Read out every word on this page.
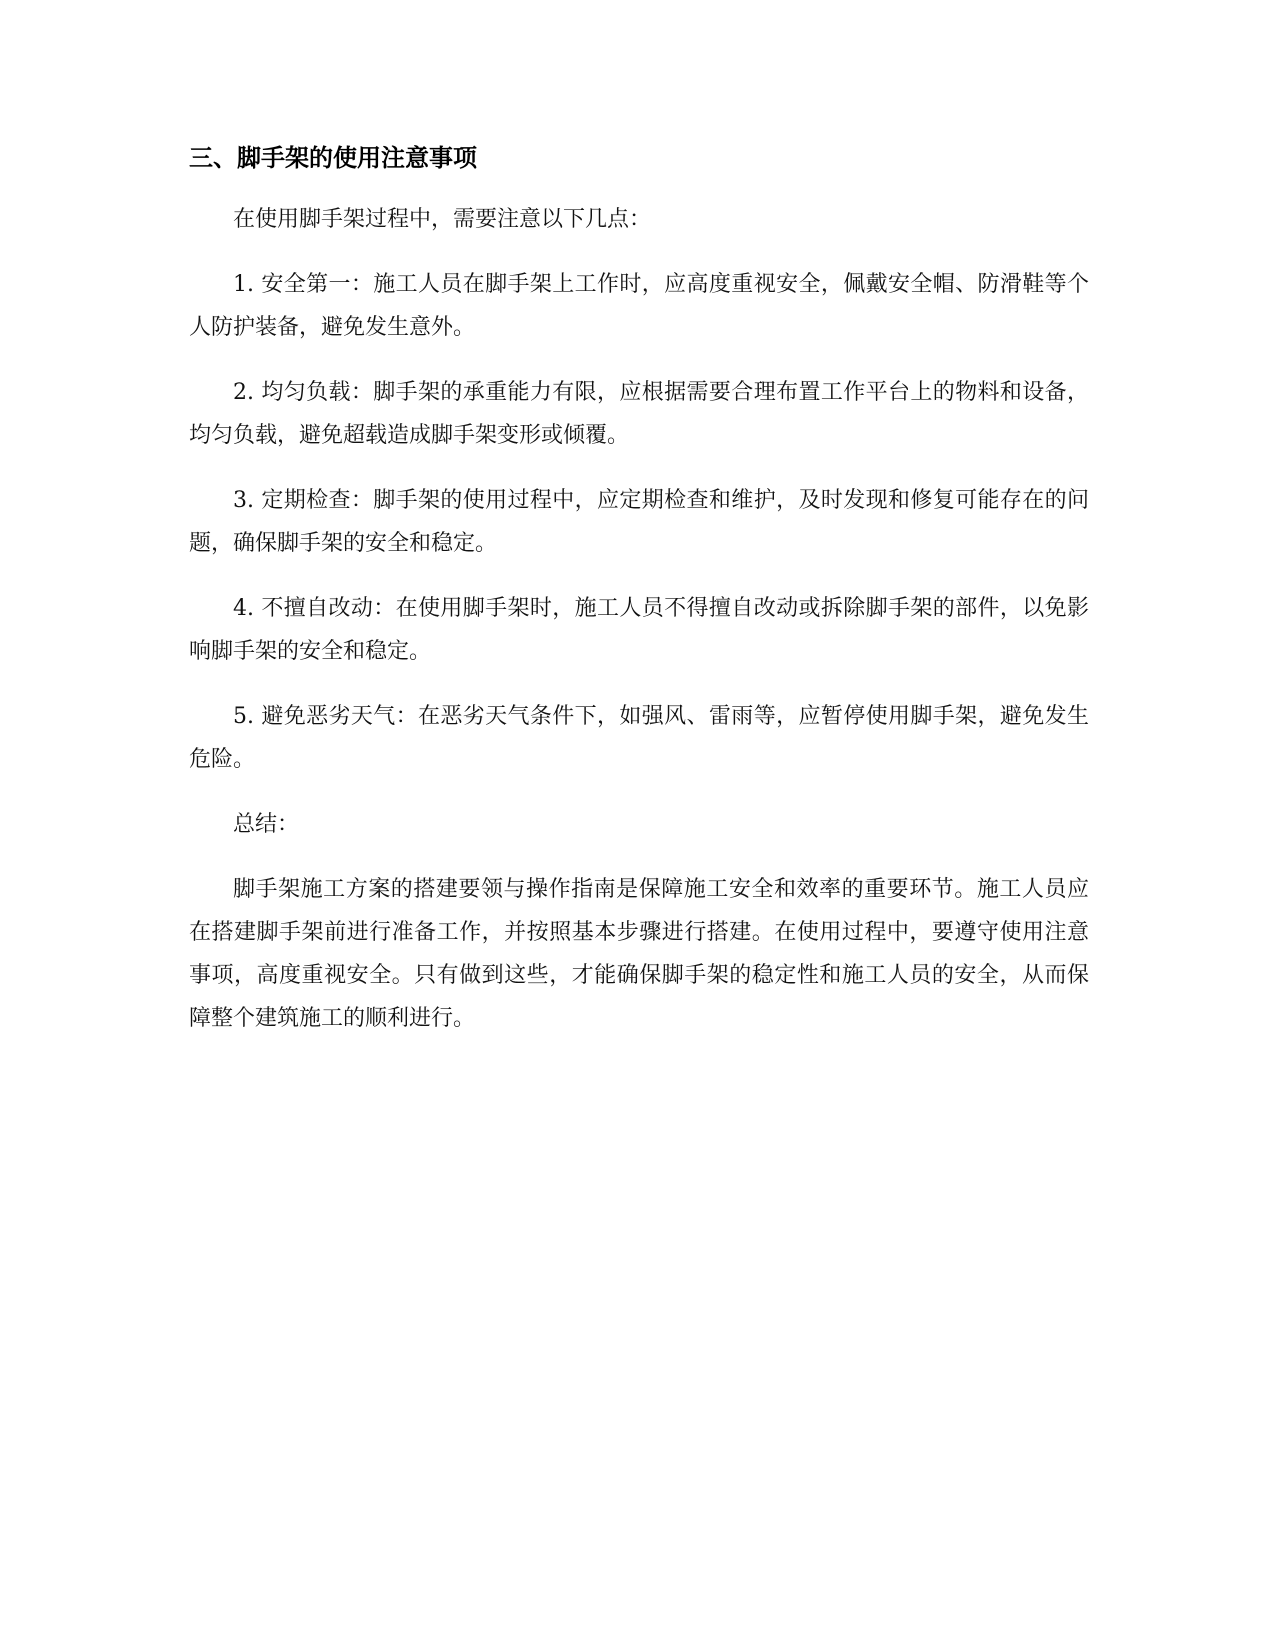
三、脚手架的使用注意事项

在使用脚手架过程中，需要注意以下几点：

1. 安全第一：施工人员在脚手架上工作时，应高度重视安全，佩戴安全帽、防滑鞋等个人防护装备，避免发生意外。

2. 均匀负载：脚手架的承重能力有限，应根据需要合理布置工作平台上的物料和设备，均匀负载，避免超载造成脚手架变形或倾覆。

3. 定期检查：脚手架的使用过程中，应定期检查和维护，及时发现和修复可能存在的问题，确保脚手架的安全和稳定。

4. 不擅自改动：在使用脚手架时，施工人员不得擅自改动或拆除脚手架的部件，以免影响脚手架的安全和稳定。

5. 避免恶劣天气：在恶劣天气条件下，如强风、雷雨等，应暂停使用脚手架，避免发生危险。

总结：

脚手架施工方案的搭建要领与操作指南是保障施工安全和效率的重要环节。施工人员应在搭建脚手架前进行准备工作，并按照基本步骤进行搭建。在使用过程中，要遵守使用注意事项，高度重视安全。只有做到这些，才能确保脚手架的稳定性和施工人员的安全，从而保障整个建筑施工的顺利进行。
